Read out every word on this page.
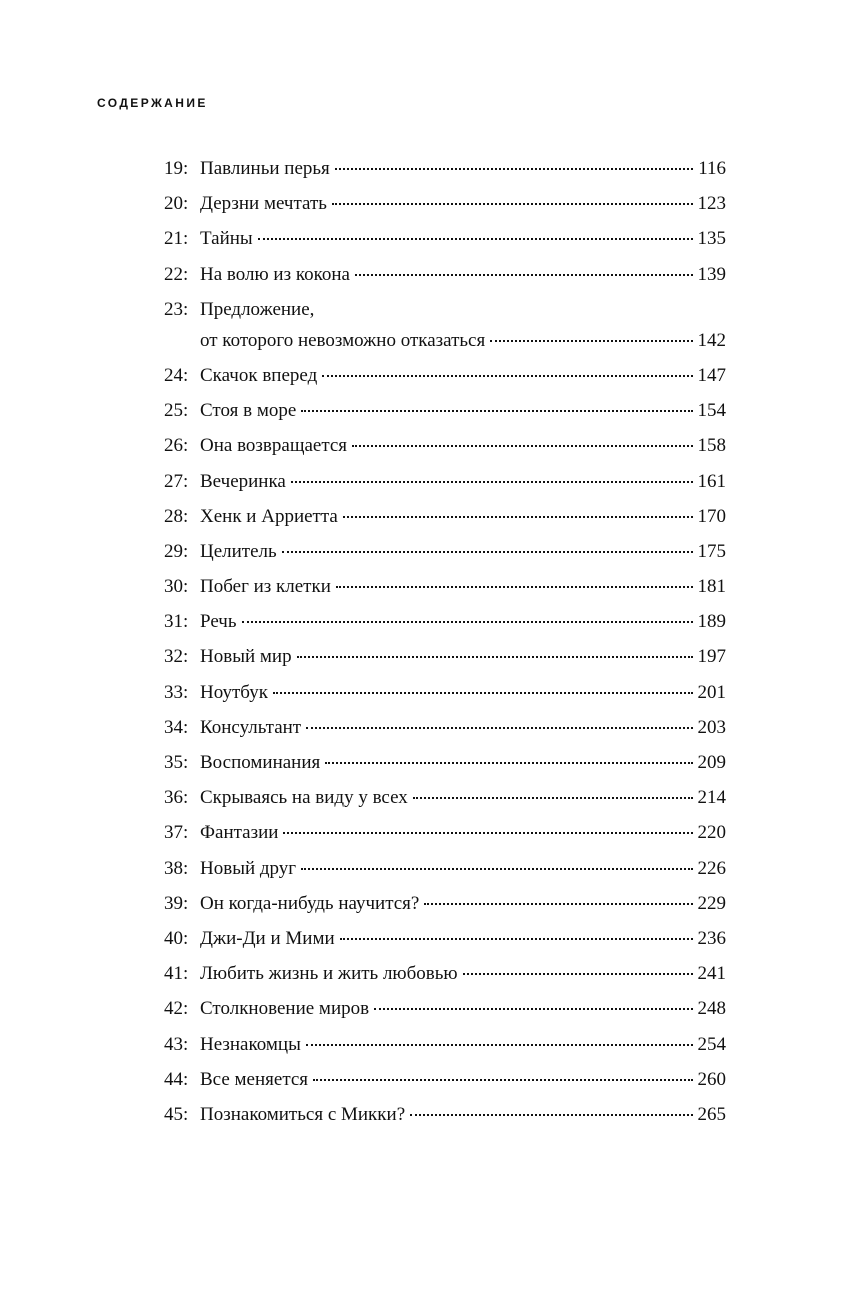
СОДЕРЖАНИЕ
19: Павлиньи перья	116
20: Дерзни мечтать	123
21: Тайны	135
22: На волю из кокона	139
23: Предложение,
от которого невозможно отказаться	142
24: Скачок вперед	147
25: Стоя в море	154
26: Она возвращается	158
27: Вечеринка	161
28: Хенк и Арриетта	170
29: Целитель	175
30: Побег из клетки	181
31: Речь	189
32: Новый мир	197
33: Ноутбук	201
34: Консультант	203
35: Воспоминания	209
36: Скрываясь на виду у всех	214
37: Фантазии	220
38: Новый друг	226
39: Он когда-нибудь научится?	229
40: Джи-Ди и Мими	236
41: Любить жизнь и жить любовью	241
42: Столкновение миров	248
43: Незнакомцы	254
44: Все меняется	260
45: Познакомиться с Микки?	265
